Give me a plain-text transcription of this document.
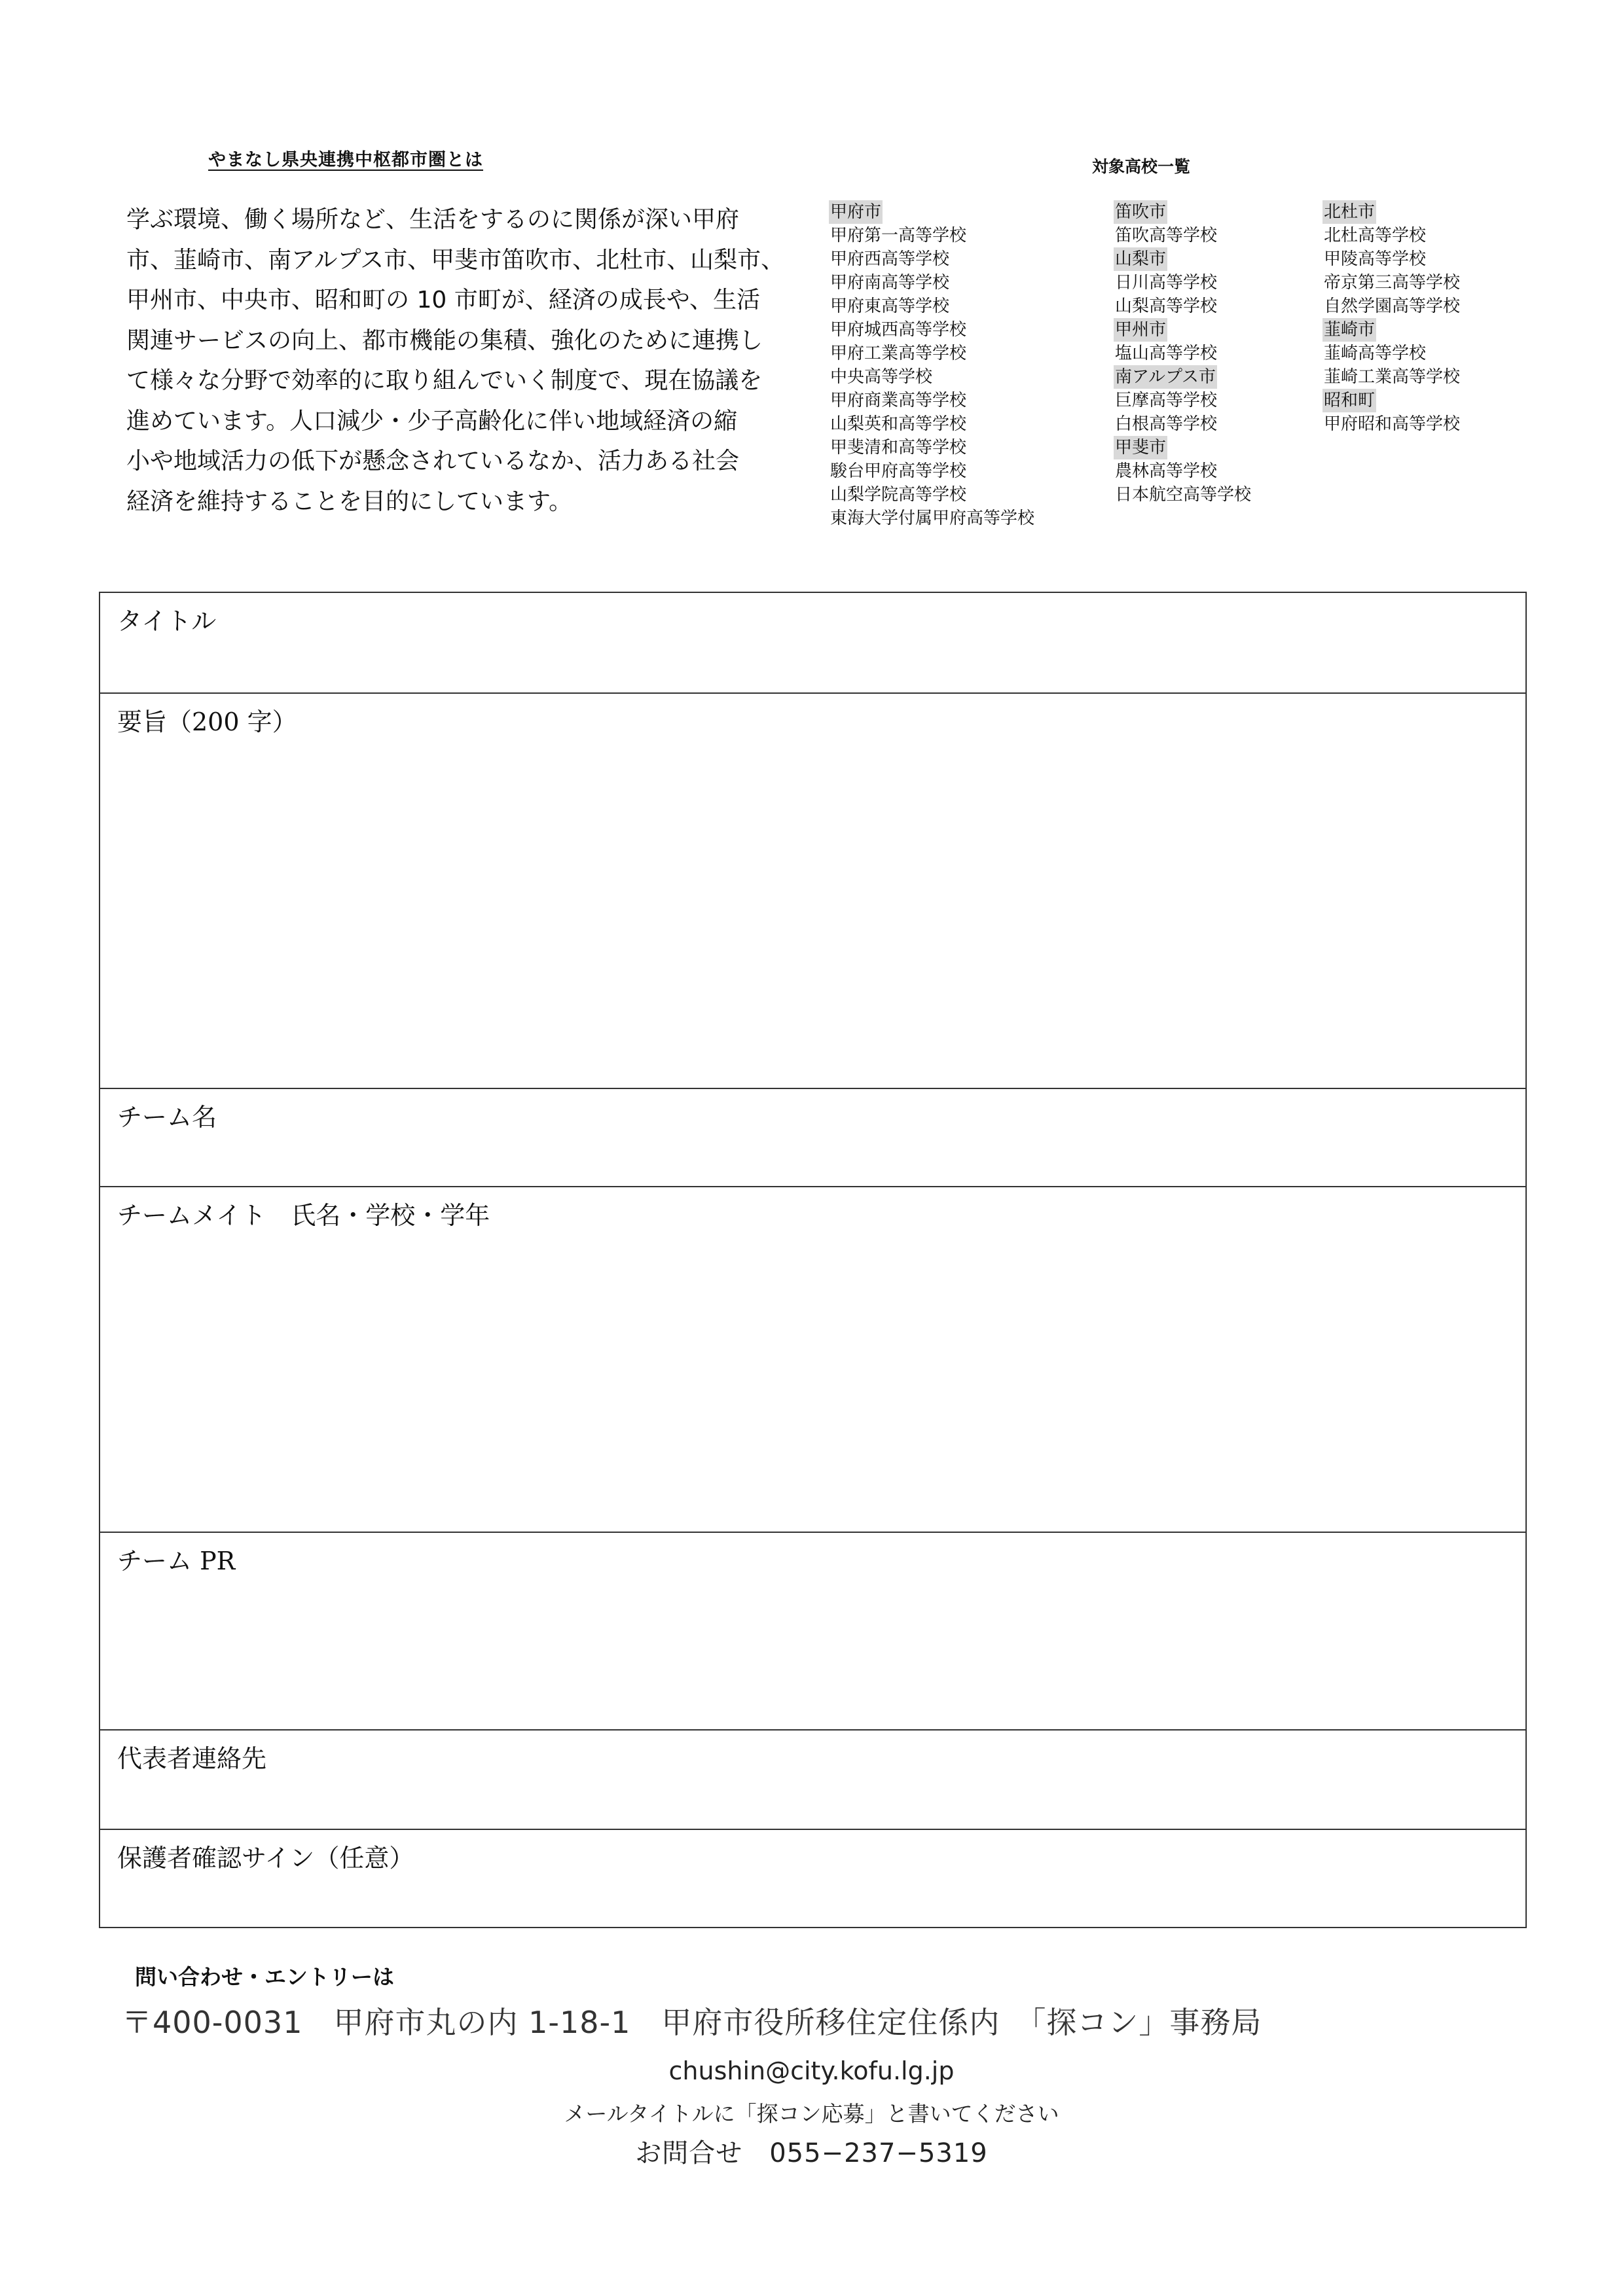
やまなし県央連携中枢都市圏とは

学ぶ環境、働く場所など、生活をするのに関係が深い甲府

市、韮崎市、南アルプス市、甲斐市笛吹市、北杜市、山梨市、

甲州市、中央市、昭和町の 10 市町が、経済の成長や、生活

関連サービスの向上、都市機能の集積、強化のために連携し

て様々な分野で効率的に取り組んでいく制度で、現在協議を

進めています。人口減少・少子高齢化に伴い地域経済の縮

小や地域活力の低下が懸念されているなか、活力ある社会

経済を維持することを目的にしています。

対象高校一覧
甲府市
甲府第一高等学校
甲府西高等学校
甲府南高等学校
甲府東高等学校
甲府城西高等学校
甲府工業高等学校
中央高等学校
甲府商業高等学校
山梨英和高等学校
甲斐清和高等学校
駿台甲府高等学校
山梨学院高等学校
東海大学付属甲府高等学校
笛吹市
笛吹高等学校
山梨市
日川高等学校
山梨高等学校
甲州市
塩山高等学校
南アルプス市
巨摩高等学校
白根高等学校
甲斐市
農林高等学校
日本航空高等学校
北杜市
北杜高等学校
甲陵高等学校
帝京第三高等学校
自然学園高等学校
韮崎市
韮崎高等学校
韮崎工業高等学校
昭和町
甲府昭和高等学校
タイトル
要旨（200 字）
チーム名
チームメイト　氏名・学校・学年
チーム PR
代表者連絡先
保護者確認サイン（任意）
問い合わせ・エントリーは
〒400-0031　甲府市丸の内 1-18-1　甲府市役所移住定住係内　「探コン」事務局
chushin@city.kofu.lg.jp
メールタイトルに「探コン応募」と書いてください
お問合せ　055−237−5319
